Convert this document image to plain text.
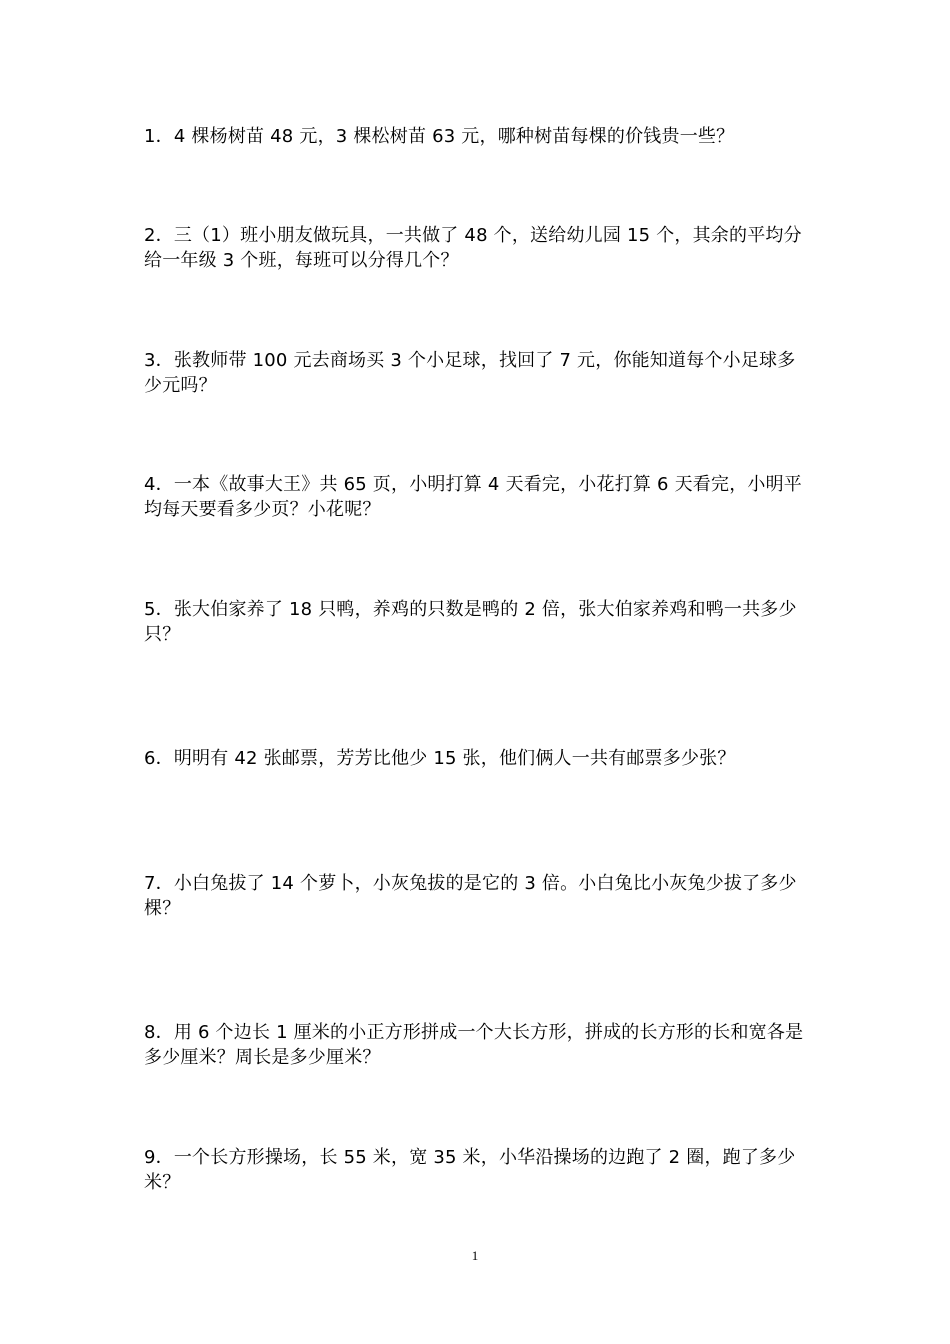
1．4 棵杨树苗 48 元，3 棵松树苗 63 元，哪种树苗每棵的价钱贵一些？

2．三（1）班小朋友做玩具，一共做了 48 个，送给幼儿园 15 个，其余的平均分给一年级 3 个班，每班可以分得几个？

3．张教师带 100 元去商场买 3 个小足球，找回了 7 元，你能知道每个小足球多少元吗？

4．一本《故事大王》共 65 页，小明打算 4 天看完，小花打算 6 天看完，小明平均每天要看多少页？小花呢？

5．张大伯家养了 18 只鸭，养鸡的只数是鸭的 2 倍，张大伯家养鸡和鸭一共多少只？

6．明明有 42 张邮票，芳芳比他少 15 张，他们俩人一共有邮票多少张？

7．小白兔拔了 14 个萝卜，小灰兔拔的是它的 3 倍。小白兔比小灰兔少拔了多少棵？

8．用 6 个边长 1 厘米的小正方形拼成一个大长方形，拼成的长方形的长和宽各是多少厘米？周长是多少厘米？

9．一个长方形操场，长 55 米，宽 35 米，小华沿操场的边跑了 2 圈，跑了多少米？

1
